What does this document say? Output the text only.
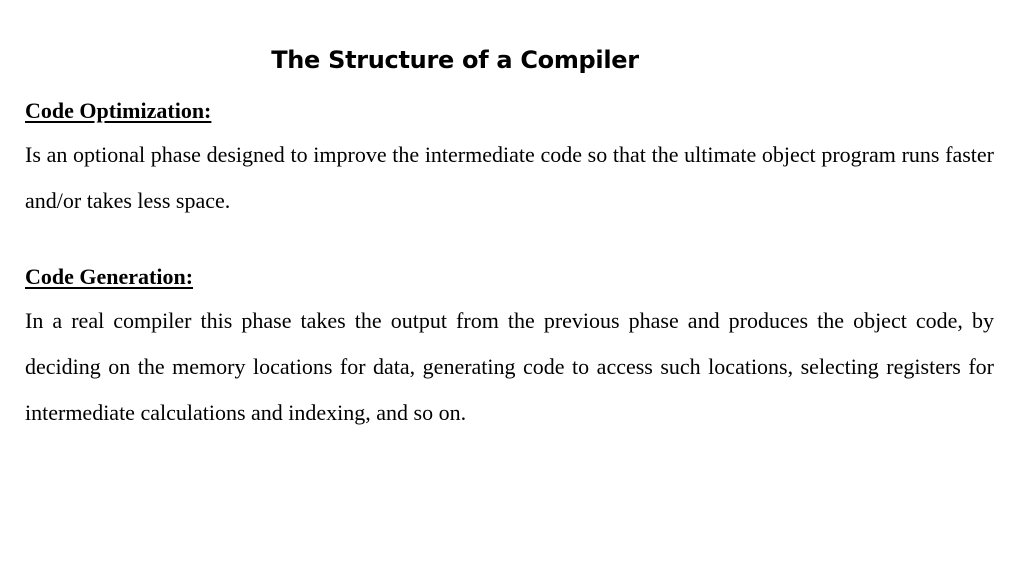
The Structure of a Compiler
Code Optimization:

Is an optional phase designed to improve the intermediate code so that the ultimate object program runs faster and/or takes less space.

Code Generation:

In a real compiler this phase takes the output from the previous phase and produces the object code, by deciding on the memory locations for data, generating code to access such locations, selecting registers for intermediate calculations and indexing, and so on.
